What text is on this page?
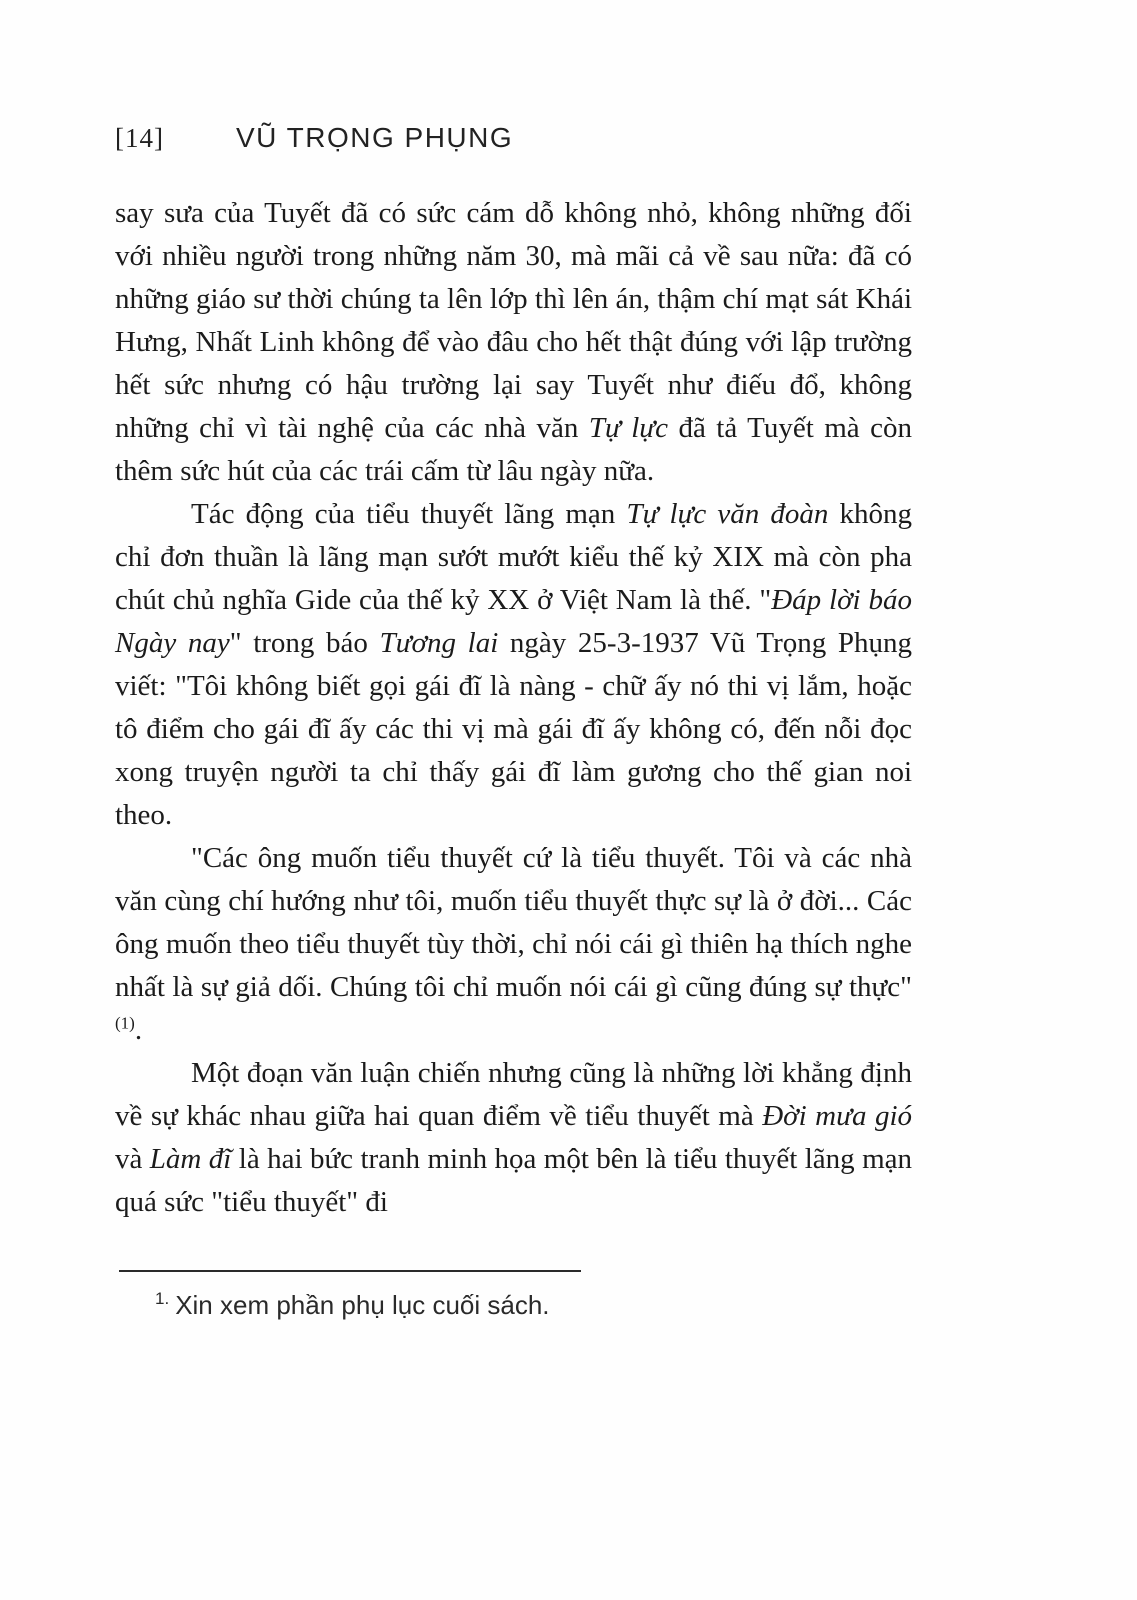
[14]	VŨ TRỌNG PHỤNG

say sưa của Tuyết đã có sức cám dỗ không nhỏ, không những đối với nhiều người trong những năm 30, mà mãi cả về sau nữa: đã có những giáo sư thời chúng ta lên lớp thì lên án, thậm chí mạt sát Khái Hưng, Nhất Linh không để vào đâu cho hết thật đúng với lập trường hết sức nhưng có hậu trường lại say Tuyết như điếu đổ, không những chỉ vì tài nghệ của các nhà văn Tự lực đã tả Tuyết mà còn thêm sức hút của các trái cấm từ lâu ngày nữa.

Tác động của tiểu thuyết lãng mạn Tự lực văn đoàn không chỉ đơn thuần là lãng mạn sướt mướt kiểu thế kỷ XIX mà còn pha chút chủ nghĩa Gide của thế kỷ XX ở Việt Nam là thế. "Đáp lời báo Ngày nay" trong báo Tương lai ngày 25-3-1937 Vũ Trọng Phụng viết: "Tôi không biết gọi gái đĩ là nàng - chữ ấy nó thi vị lắm, hoặc tô điểm cho gái đĩ ấy các thi vị mà gái đĩ ấy không có, đến nỗi đọc xong truyện người ta chỉ thấy gái đĩ làm gương cho thế gian noi theo.

"Các ông muốn tiểu thuyết cứ là tiểu thuyết. Tôi và các nhà văn cùng chí hướng như tôi, muốn tiểu thuyết thực sự là ở đời... Các ông muốn theo tiểu thuyết tùy thời, chỉ nói cái gì thiên hạ thích nghe nhất là sự giả dối. Chúng tôi chỉ muốn nói cái gì cũng đúng sự thực"$^{(1)}$.

Một đoạn văn luận chiến nhưng cũng là những lời khẳng định về sự khác nhau giữa hai quan điểm về tiểu thuyết mà Đời mưa gió và Làm đĩ là hai bức tranh minh họa một bên là tiểu thuyết lãng mạn quá sức "tiểu thuyết" đi

$^{1.}$ Xin xem phần phụ lục cuối sách.
